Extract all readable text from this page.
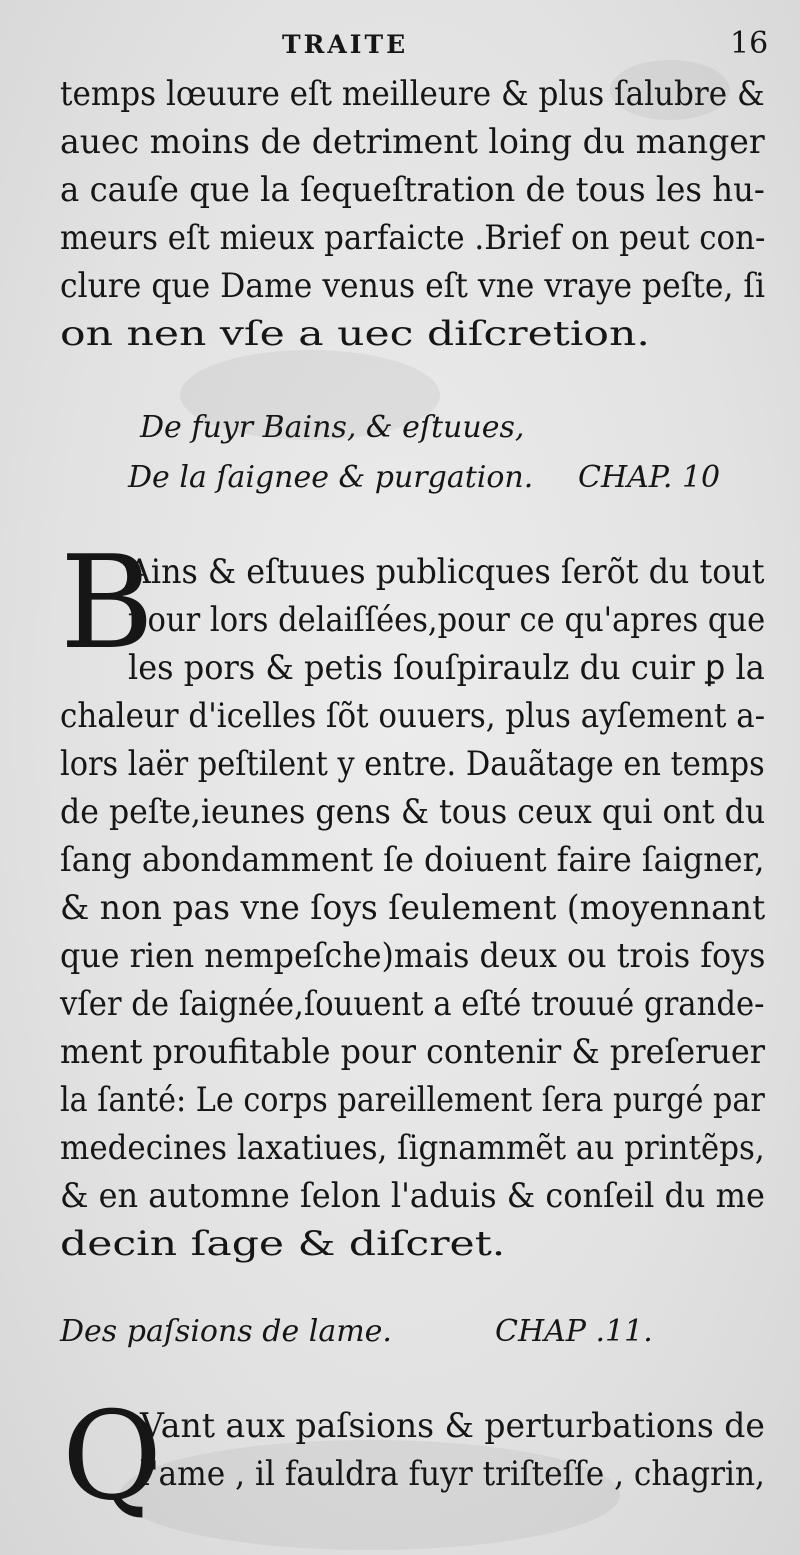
TRAITE	16
temps lœuure eſt meilleure & plus ſalubre &
auec moins de detriment loing du manger
a cauſe que la ſequeſtration de tous les hu-
meurs eſt mieux parfaicte .Brief on peut con-
clure que Dame venus eſt vne vraye peſte, ſi
on nen vſe a uec diſcretion.
De fuyr Bains, & eſtuues,
De la ſaignee & purgation. CHAP. 10
B
Ains & eſtuues publicques ſerõt du tout
pour lors delaiſſées,pour ce qu'apres que
les pors & petis ſouſpiraulz du cuir ꝑ la
chaleur d'icelles ſõt ouuers, plus ayſement a-
lors laër peſtilent y entre. Dauãtage en temps
de peſte,ieunes gens & tous ceux qui ont du
ſang abondamment ſe doiuent faire ſaigner,
& non pas vne ſoys ſeulement (moyennant
que rien nempeſche)mais deux ou trois foys
vſer de ſaignée,ſouuent a eſté trouué grande-
ment proufitable pour contenir & preſeruer
la ſanté: Le corps pareillement ſera purgé par
medecines laxatiues, ſignammẽt au printẽps,
& en automne ſelon l'aduis & conſeil du me
decin ſage & diſcret.
Des paſsions de lame.	CHAP .11.
Q
Vant aux paſsions & perturbations de
l'ame , il fauldra fuyr triſteſſe , chagrin,
